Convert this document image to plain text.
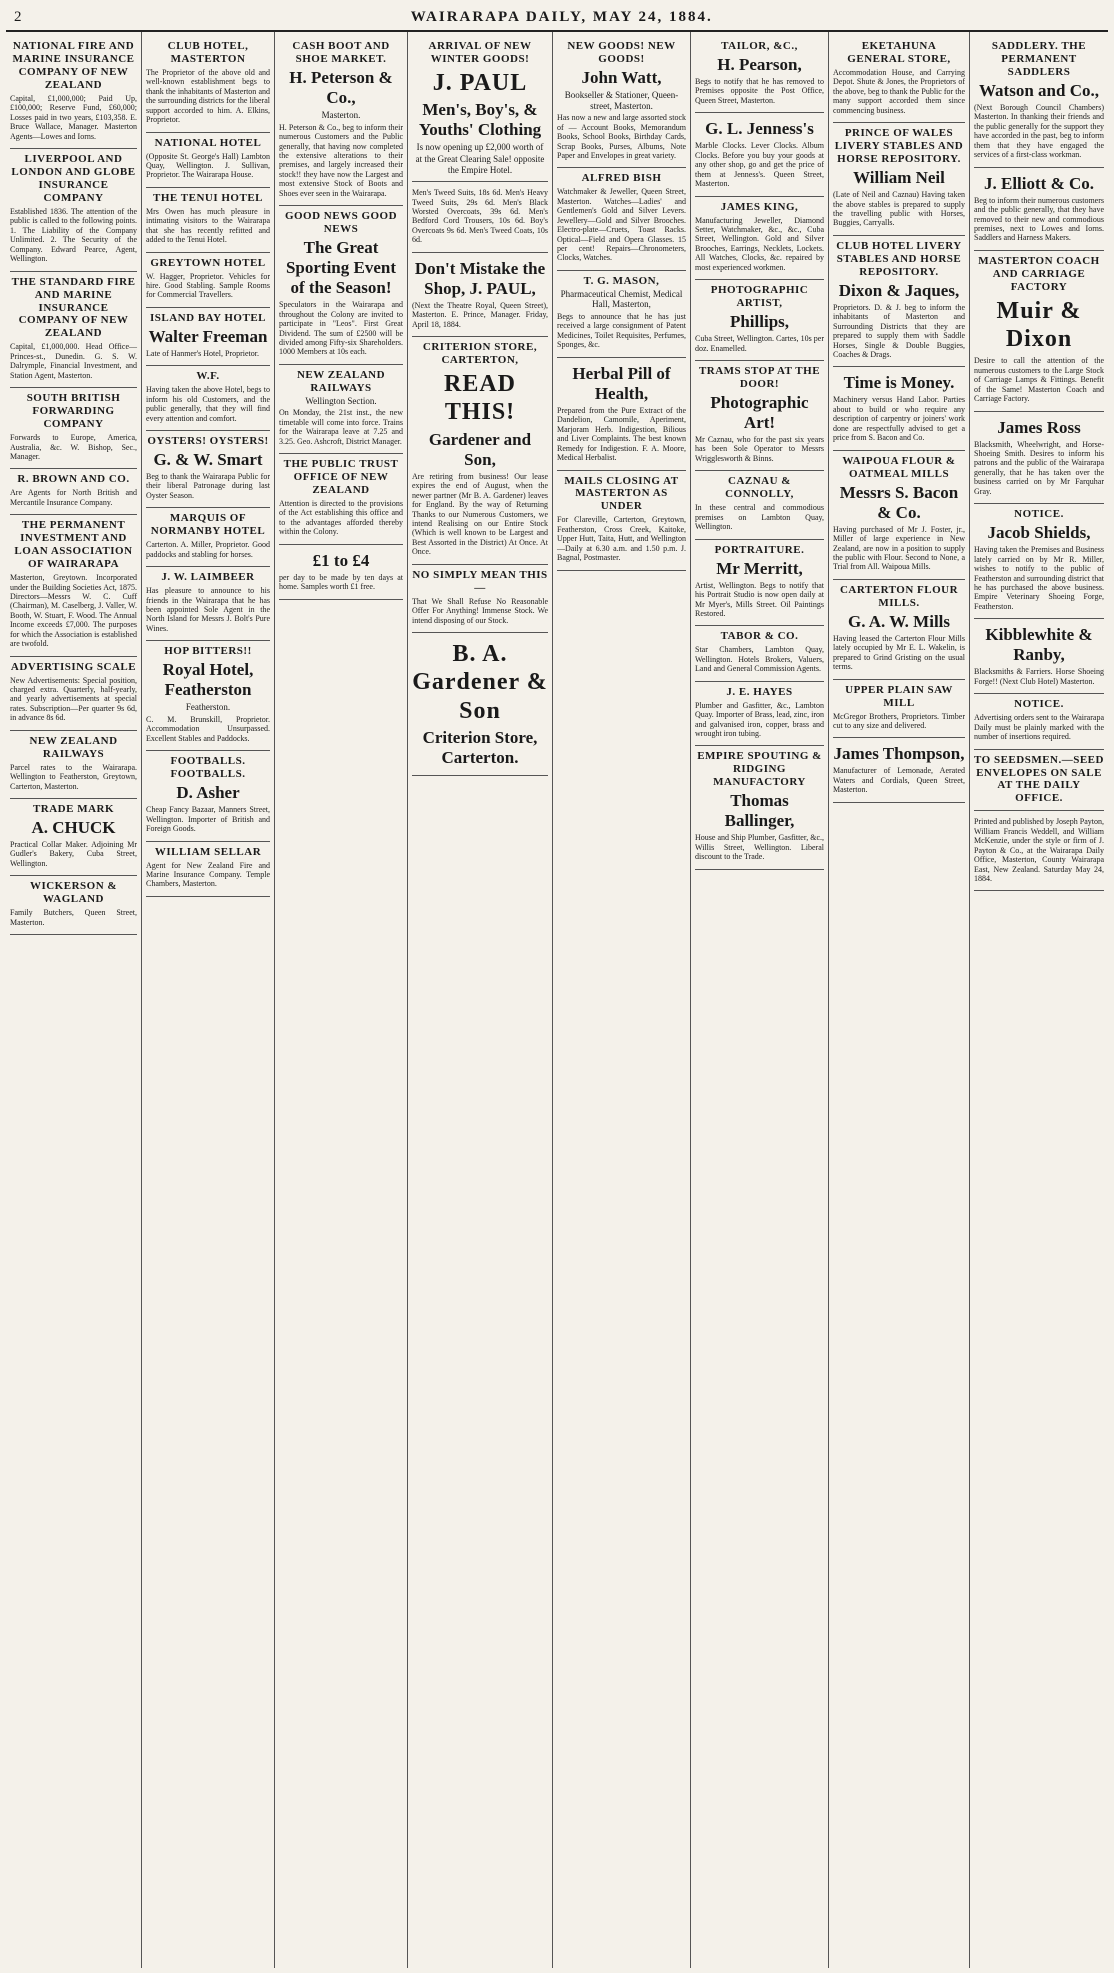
2	WAIRARAPA DAILY, MAY 24, 1884.
NATIONAL FIRE AND MARINE INSURANCE COMPANY OF NEW ZEALAND
Capital, £1,000,000; Paid Up, £100,000; Reserve Fund, £60,000; Losses paid in two years, £103,358. E. Bruce Wallace, Manager. Masterton Agents—Lowes and Iorns.
LIVERPOOL AND LONDON AND GLOBE INSURANCE COMPANY
Established 1836. The attention of the public is called to the following points. 1. The Liability of the Company Unlimited. 2. The Security of the Company. Edward Pearce, Agent, Wellington.
THE STANDARD FIRE AND MARINE INSURANCE COMPANY OF NEW ZEALAND
Capital, £1,000,000. Head Office—Princes-st., Dunedin. G. S. W. Dalrymple, Financial Investment, and Station Agent, Masterton.
SOUTH BRITISH FORWARDING COMPANY
Forwards to Europe, America, Australia, &c. W. Bishop, Sec., Manager.
R. BROWN AND CO.
Are Agents for North British and Mercantile Insurance Company.
THE PERMANENT INVESTMENT AND LOAN ASSOCIATION OF WAIRARAPA
Masterton, Greytown. Incorporated under the Building Societies Act, 1875. Directors—Messrs W. C. Cuff (Chairman), M. Caselberg, J. Valler, W. Booth, W. Stuart, F. Wood. The Annual Income exceeds £7,000. The purposes for which the Association is established are twofold.
ADVERTISING SCALE
New Advertisements: Special position, charged extra. Quarterly, half-yearly, and yearly advertisements at special rates. Subscription—Per quarter 9s 6d, in advance 8s 6d.
NEW ZEALAND RAILWAYS
Parcel rates to the Wairarapa. Wellington to Featherston, Greytown, Carterton, Masterton.
TRADE MARK
A. CHUCK
Practical Collar Maker. Adjoining Mr Gudler's Bakery, Cuba Street, Wellington.
WICKERSON & WAGLAND
Family Butchers, Queen Street, Masterton.
CLUB HOTEL, MASTERTON
The Proprietor of the above old and well-known establishment begs to thank the inhabitants of Masterton and the surrounding districts for the liberal support accorded to him. A. Elkins, Proprietor.
NATIONAL HOTEL
(Opposite St. George's Hall) Lambton Quay, Wellington. J. Sullivan, Proprietor. The Wairarapa House.
THE TENUI HOTEL
Mrs Owen has much pleasure in intimating visitors to the Wairarapa that she has recently refitted and added to the Tenui Hotel.
GREYTOWN HOTEL
W. Hagger, Proprietor. Vehicles for hire. Good Stabling. Sample Rooms for Commercial Travellers.
ISLAND BAY HOTEL
Walter Freeman
Late of Hanmer's Hotel, Proprietor.
W.F.
Having taken the above Hotel, begs to inform his old Customers, and the public generally, that they will find every attention and comfort.
OYSTERS! OYSTERS!
G. & W. Smart
Beg to thank the Wairarapa Public for their liberal Patronage during last Oyster Season.
MARQUIS OF NORMANBY HOTEL
Carterton. A. Miller, Proprietor. Good paddocks and stabling for horses.
J. W. LAIMBEER
Has pleasure to announce to his friends in the Wairarapa that he has been appointed Sole Agent in the North Island for Messrs J. Bolt's Pure Wines.
HOP BITTERS!!
Royal Hotel, Featherston
Featherston.
C. M. Brunskill, Proprietor. Accommodation Unsurpassed. Excellent Stables and Paddocks.
FOOTBALLS. FOOTBALLS.
D. Asher
Cheap Fancy Bazaar, Manners Street, Wellington. Importer of British and Foreign Goods.
WILLIAM SELLAR
Agent for New Zealand Fire and Marine Insurance Company. Temple Chambers, Masterton.
CASH BOOT AND SHOE MARKET.
H. Peterson & Co.,
Masterton.
H. Peterson & Co., beg to inform their numerous Customers and the Public generally, that having now completed the extensive alterations to their premises, and largely increased their stock!! they have now the Largest and most extensive Stock of Boots and Shoes ever seen in the Wairarapa.
GOOD NEWS GOOD NEWS
The Great Sporting Event of the Season!
Speculators in the Wairarapa and throughout the Colony are invited to participate in "Leos". First Great Dividend. The sum of £2500 will be divided among Fifty-six Shareholders. 1000 Members at 10s each.
NEW ZEALAND RAILWAYS
Wellington Section.
On Monday, the 21st inst., the new timetable will come into force. Trains for the Wairarapa leave at 7.25 and 3.25. Geo. Ashcroft, District Manager.
THE PUBLIC TRUST OFFICE OF NEW ZEALAND
Attention is directed to the provisions of the Act establishing this office and to the advantages afforded thereby within the Colony.
£1 to £4
per day to be made by ten days at home. Samples worth £1 free.
ARRIVAL OF NEW WINTER GOODS!
J. PAUL
Men's, Boy's, & Youths' Clothing
Is now opening up £2,000 worth of
at the Great Clearing Sale! opposite the Empire Hotel.
Men's Tweed Suits, 18s 6d. Men's Heavy Tweed Suits, 29s 6d. Men's Black Worsted Overcoats, 39s 6d. Men's Bedford Cord Trousers, 10s 6d. Boy's Overcoats 9s 6d. Men's Tweed Coats, 10s 6d.
Don't Mistake the Shop, J. PAUL,
(Next the Theatre Royal, Queen Street), Masterton. E. Prince, Manager. Friday, April 18, 1884.
CRITERION STORE, CARTERTON,
READ THIS!
Gardener and Son,
Are retiring from business! Our lease expires the end of August, when the newer partner (Mr B. A. Gardener) leaves for England. By the way of Returning Thanks to our Numerous Customers, we intend Realising on our Entire Stock (Which is well known to be Largest and Best Assorted in the District) At Once. At Once.
NO SIMPLY MEAN THIS—
That We Shall Refuse No Reasonable Offer For Anything! Immense Stock. We intend disposing of our Stock.
B. A. Gardener & Son
Criterion Store, Carterton.
NEW GOODS! NEW GOODS!
John Watt,
Bookseller & Stationer, Queen-street, Masterton.
Has now a new and large assorted stock of — Account Books, Memorandum Books, School Books, Birthday Cards, Scrap Books, Purses, Albums, Note Paper and Envelopes in great variety.
ALFRED BISH
Watchmaker & Jeweller, Queen Street, Masterton. Watches—Ladies' and Gentlemen's Gold and Silver Levers. Jewellery—Gold and Silver Brooches. Electro-plate—Cruets, Toast Racks. Optical—Field and Opera Glasses. 15 per cent! Repairs—Chronometers, Clocks, Watches.
T. G. MASON,
Pharmaceutical Chemist, Medical Hall, Masterton,
Begs to announce that he has just received a large consignment of Patent Medicines, Toilet Requisites, Perfumes, Sponges, &c.
Herbal Pill of Health,
Prepared from the Pure Extract of the Dandelion, Camomile, Aperiment, Marjoram Herb. Indigestion, Bilious and Liver Complaints. The best known Remedy for Indigestion. F. A. Moore, Medical Herbalist.
MAILS CLOSING AT MASTERTON AS UNDER
For Clareville, Carterton, Greytown, Featherston, Cross Creek, Kaitoke, Upper Hutt, Taita, Hutt, and Wellington—Daily at 6.30 a.m. and 1.50 p.m. J. Bagnal, Postmaster.
TAILOR, &C.,
H. Pearson,
Begs to notify that he has removed to Premises opposite the Post Office, Queen Street, Masterton.
G. L. Jenness's
Marble Clocks. Lever Clocks. Album Clocks. Before you buy your goods at any other shop, go and get the price of them at Jenness's. Queen Street, Masterton.
JAMES KING,
Manufacturing Jeweller, Diamond Setter, Watchmaker, &c., &c., Cuba Street, Wellington. Gold and Silver Brooches, Earrings, Necklets, Lockets. All Watches, Clocks, &c. repaired by most experienced workmen.
PHOTOGRAPHIC ARTIST,
Phillips,
Cuba Street, Wellington. Cartes, 10s per doz. Enamelled.
TRAMS STOP AT THE DOOR!
Photographic Art!
Mr Caznau, who for the past six years has been Sole Operator to Messrs Wrigglesworth & Binns.
CAZNAU & CONNOLLY,
In these central and commodious premises on Lambton Quay, Wellington.
PORTRAITURE.
Mr Merritt,
Artist, Wellington. Begs to notify that his Portrait Studio is now open daily at Mr Myer's, Mills Street. Oil Paintings Restored.
TABOR & CO.
Star Chambers, Lambton Quay, Wellington. Hotels Brokers, Valuers, Land and General Commission Agents.
J. E. HAYES
Plumber and Gasfitter, &c., Lambton Quay. Importer of Brass, lead, zinc, iron and galvanised iron, copper, brass and wrought iron tubing.
EMPIRE SPOUTING & RIDGING MANUFACTORY
Thomas Ballinger,
House and Ship Plumber, Gasfitter, &c., Willis Street, Wellington. Liberal discount to the Trade.
EKETAHUNA GENERAL STORE,
Accommodation House, and Carrying Depot. Shute & Jones, the Proprietors of the above, beg to thank the Public for the many support accorded them since commencing business.
PRINCE OF WALES LIVERY STABLES AND HORSE REPOSITORY.
William Neil
(Late of Neil and Caznau) Having taken the above stables is prepared to supply the travelling public with Horses, Buggies, Carryalls.
CLUB HOTEL LIVERY STABLES AND HORSE REPOSITORY.
Dixon & Jaques,
Proprietors. D. & J. beg to inform the inhabitants of Masterton and Surrounding Districts that they are prepared to supply them with Saddle Horses, Single & Double Buggies, Coaches & Drags.
Time is Money.
Machinery versus Hand Labor. Parties about to build or who require any description of carpentry or joiners' work done are respectfully advised to get a price from S. Bacon and Co.
WAIPOUA FLOUR & OATMEAL MILLS
Messrs S. Bacon & Co.
Having purchased of Mr J. Foster, jr., Miller of large experience in New Zealand, are now in a position to supply the public with Flour. Second to None, a Trial from All. Waipoua Mills.
CARTERTON FLOUR MILLS.
G. A. W. Mills
Having leased the Carterton Flour Mills lately occupied by Mr E. L. Wakelin, is prepared to Grind Gristing on the usual terms.
UPPER PLAIN SAW MILL
McGregor Brothers, Proprietors. Timber cut to any size and delivered.
James Thompson,
Manufacturer of Lemonade, Aerated Waters and Cordials, Queen Street, Masterton.
SADDLERY. THE PERMANENT SADDLERS
Watson and Co.,
(Next Borough Council Chambers) Masterton. In thanking their friends and the public generally for the support they have accorded in the past, beg to inform them that they have engaged the services of a first-class workman.
J. Elliott & Co.
Beg to inform their numerous customers and the public generally, that they have removed to their new and commodious premises, next to Lowes and Iorns. Saddlers and Harness Makers.
MASTERTON COACH AND CARRIAGE FACTORY
Muir & Dixon
Desire to call the attention of the numerous customers to the Large Stock of Carriage Lamps & Fittings. Benefit of the Same! Masterton Coach and Carriage Factory.
James Ross
Blacksmith, Wheelwright, and Horse-Shoeing Smith. Desires to inform his patrons and the public of the Wairarapa generally, that he has taken over the business carried on by Mr Farquhar Gray.
NOTICE.
Jacob Shields,
Having taken the Premises and Business lately carried on by Mr R. Miller, wishes to notify to the public of Featherston and surrounding district that he has purchased the above business. Empire Veterinary Shoeing Forge, Featherston.
Kibblewhite & Ranby,
Blacksmiths & Farriers. Horse Shoeing Forge!! (Next Club Hotel) Masterton.
NOTICE.
Advertising orders sent to the Wairarapa Daily must be plainly marked with the number of insertions required.
TO SEEDSMEN.—SEED ENVELOPES ON SALE AT THE DAILY OFFICE.
Printed and published by Joseph Payton, William Francis Weddell, and William McKenzie, under the style or firm of J. Payton & Co., at the Wairarapa Daily Office, Masterton, County Wairarapa East, New Zealand. Saturday May 24, 1884.
